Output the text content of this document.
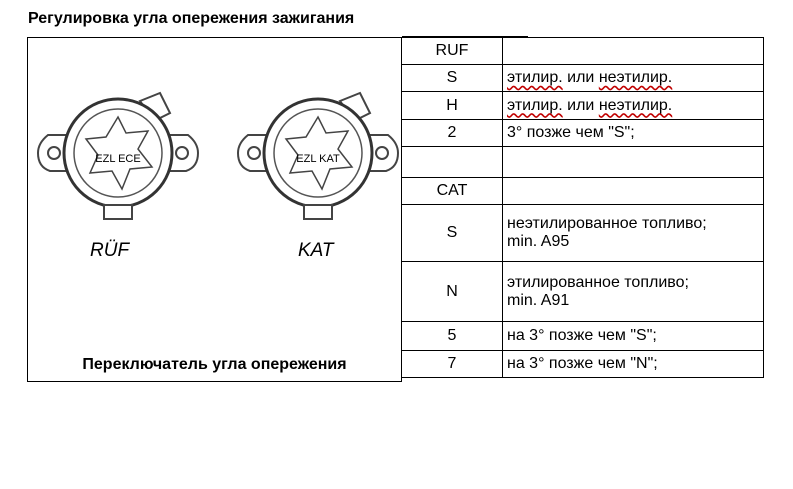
Регулировка угла опережения зажигания
EZL ECE	EZL KAT
RÜF	KAT
Переключатель угла опережения
RUF	
S	этилир. или неэтилир.
H	этилир. или неэтилир.
2	3° позже чем "S";

CAT	
S	неэтилированное топливо;
min. A95
N	этилированное топливо;
min. A91
5	на 3° позже чем "S";
7	на 3° позже чем "N";
